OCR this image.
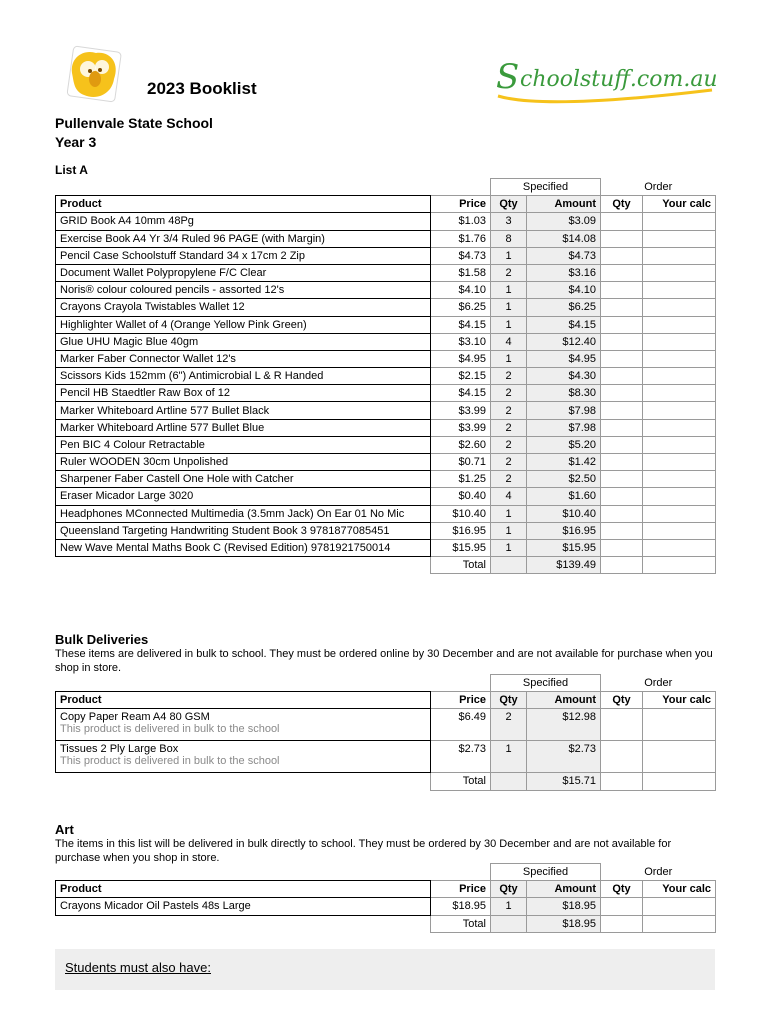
S choolstuff.com.au
2023 Booklist
Pullenvale State School
Year 3
List A
		Specified		Order	
Product	Price	Qty	Amount	Qty	Your calc
GRID Book A4 10mm 48Pg	$1.03	3	$3.09		
Exercise Book A4 Yr 3/4 Ruled 96 PAGE (with Margin)	$1.76	8	$14.08		
Pencil Case Schoolstuff Standard 34 x 17cm 2 Zip	$4.73	1	$4.73		
Document Wallet Polypropylene F/C Clear	$1.58	2	$3.16		
Noris® colour coloured pencils - assorted 12's	$4.10	1	$4.10		
Crayons Crayola Twistables Wallet 12	$6.25	1	$6.25		
Highlighter Wallet of 4 (Orange Yellow Pink Green)	$4.15	1	$4.15		
Glue UHU Magic Blue 40gm	$3.10	4	$12.40		
Marker Faber Connector Wallet 12's	$4.95	1	$4.95		
Scissors Kids 152mm (6") Antimicrobial L & R Handed	$2.15	2	$4.30		
Pencil HB Staedtler Raw Box of 12	$4.15	2	$8.30		
Marker Whiteboard Artline 577 Bullet Black	$3.99	2	$7.98		
Marker Whiteboard Artline 577 Bullet Blue	$3.99	2	$7.98		
Pen BIC 4 Colour Retractable	$2.60	2	$5.20		
Ruler WOODEN 30cm Unpolished	$0.71	2	$1.42		
Sharpener Faber Castell One Hole with Catcher	$1.25	2	$2.50		
Eraser Micador Large 3020	$0.40	4	$1.60		
Headphones MConnected Multimedia (3.5mm Jack) On Ear 01 No Mic	$10.40	1	$10.40		
Queensland Targeting Handwriting Student Book 3 9781877085451	$16.95	1	$16.95		
New Wave Mental Maths Book C (Revised Edition) 9781921750014	$15.95	1	$15.95		
	Total		$139.49		
Bulk Deliveries
These items are delivered in bulk to school. They must be ordered online by 30 December and are not available for purchase when you shop in store.
		Specified		Order	
Product	Price	Qty	Amount	Qty	Your calc
Copy Paper Ream A4 80 GSM
This product is delivered in bulk to the school	$6.49	2	$12.98		
Tissues 2 Ply Large Box
This product is delivered in bulk to the school	$2.73	1	$2.73		
	Total		$15.71		
Art
The items in this list will be delivered in bulk directly to school. They must be ordered by 30 December and are not available for purchase when you shop in store.
		Specified		Order	
Product	Price	Qty	Amount	Qty	Your calc
Crayons Micador Oil Pastels 48s Large	$18.95	1	$18.95		
	Total		$18.95		
Students must also have:
